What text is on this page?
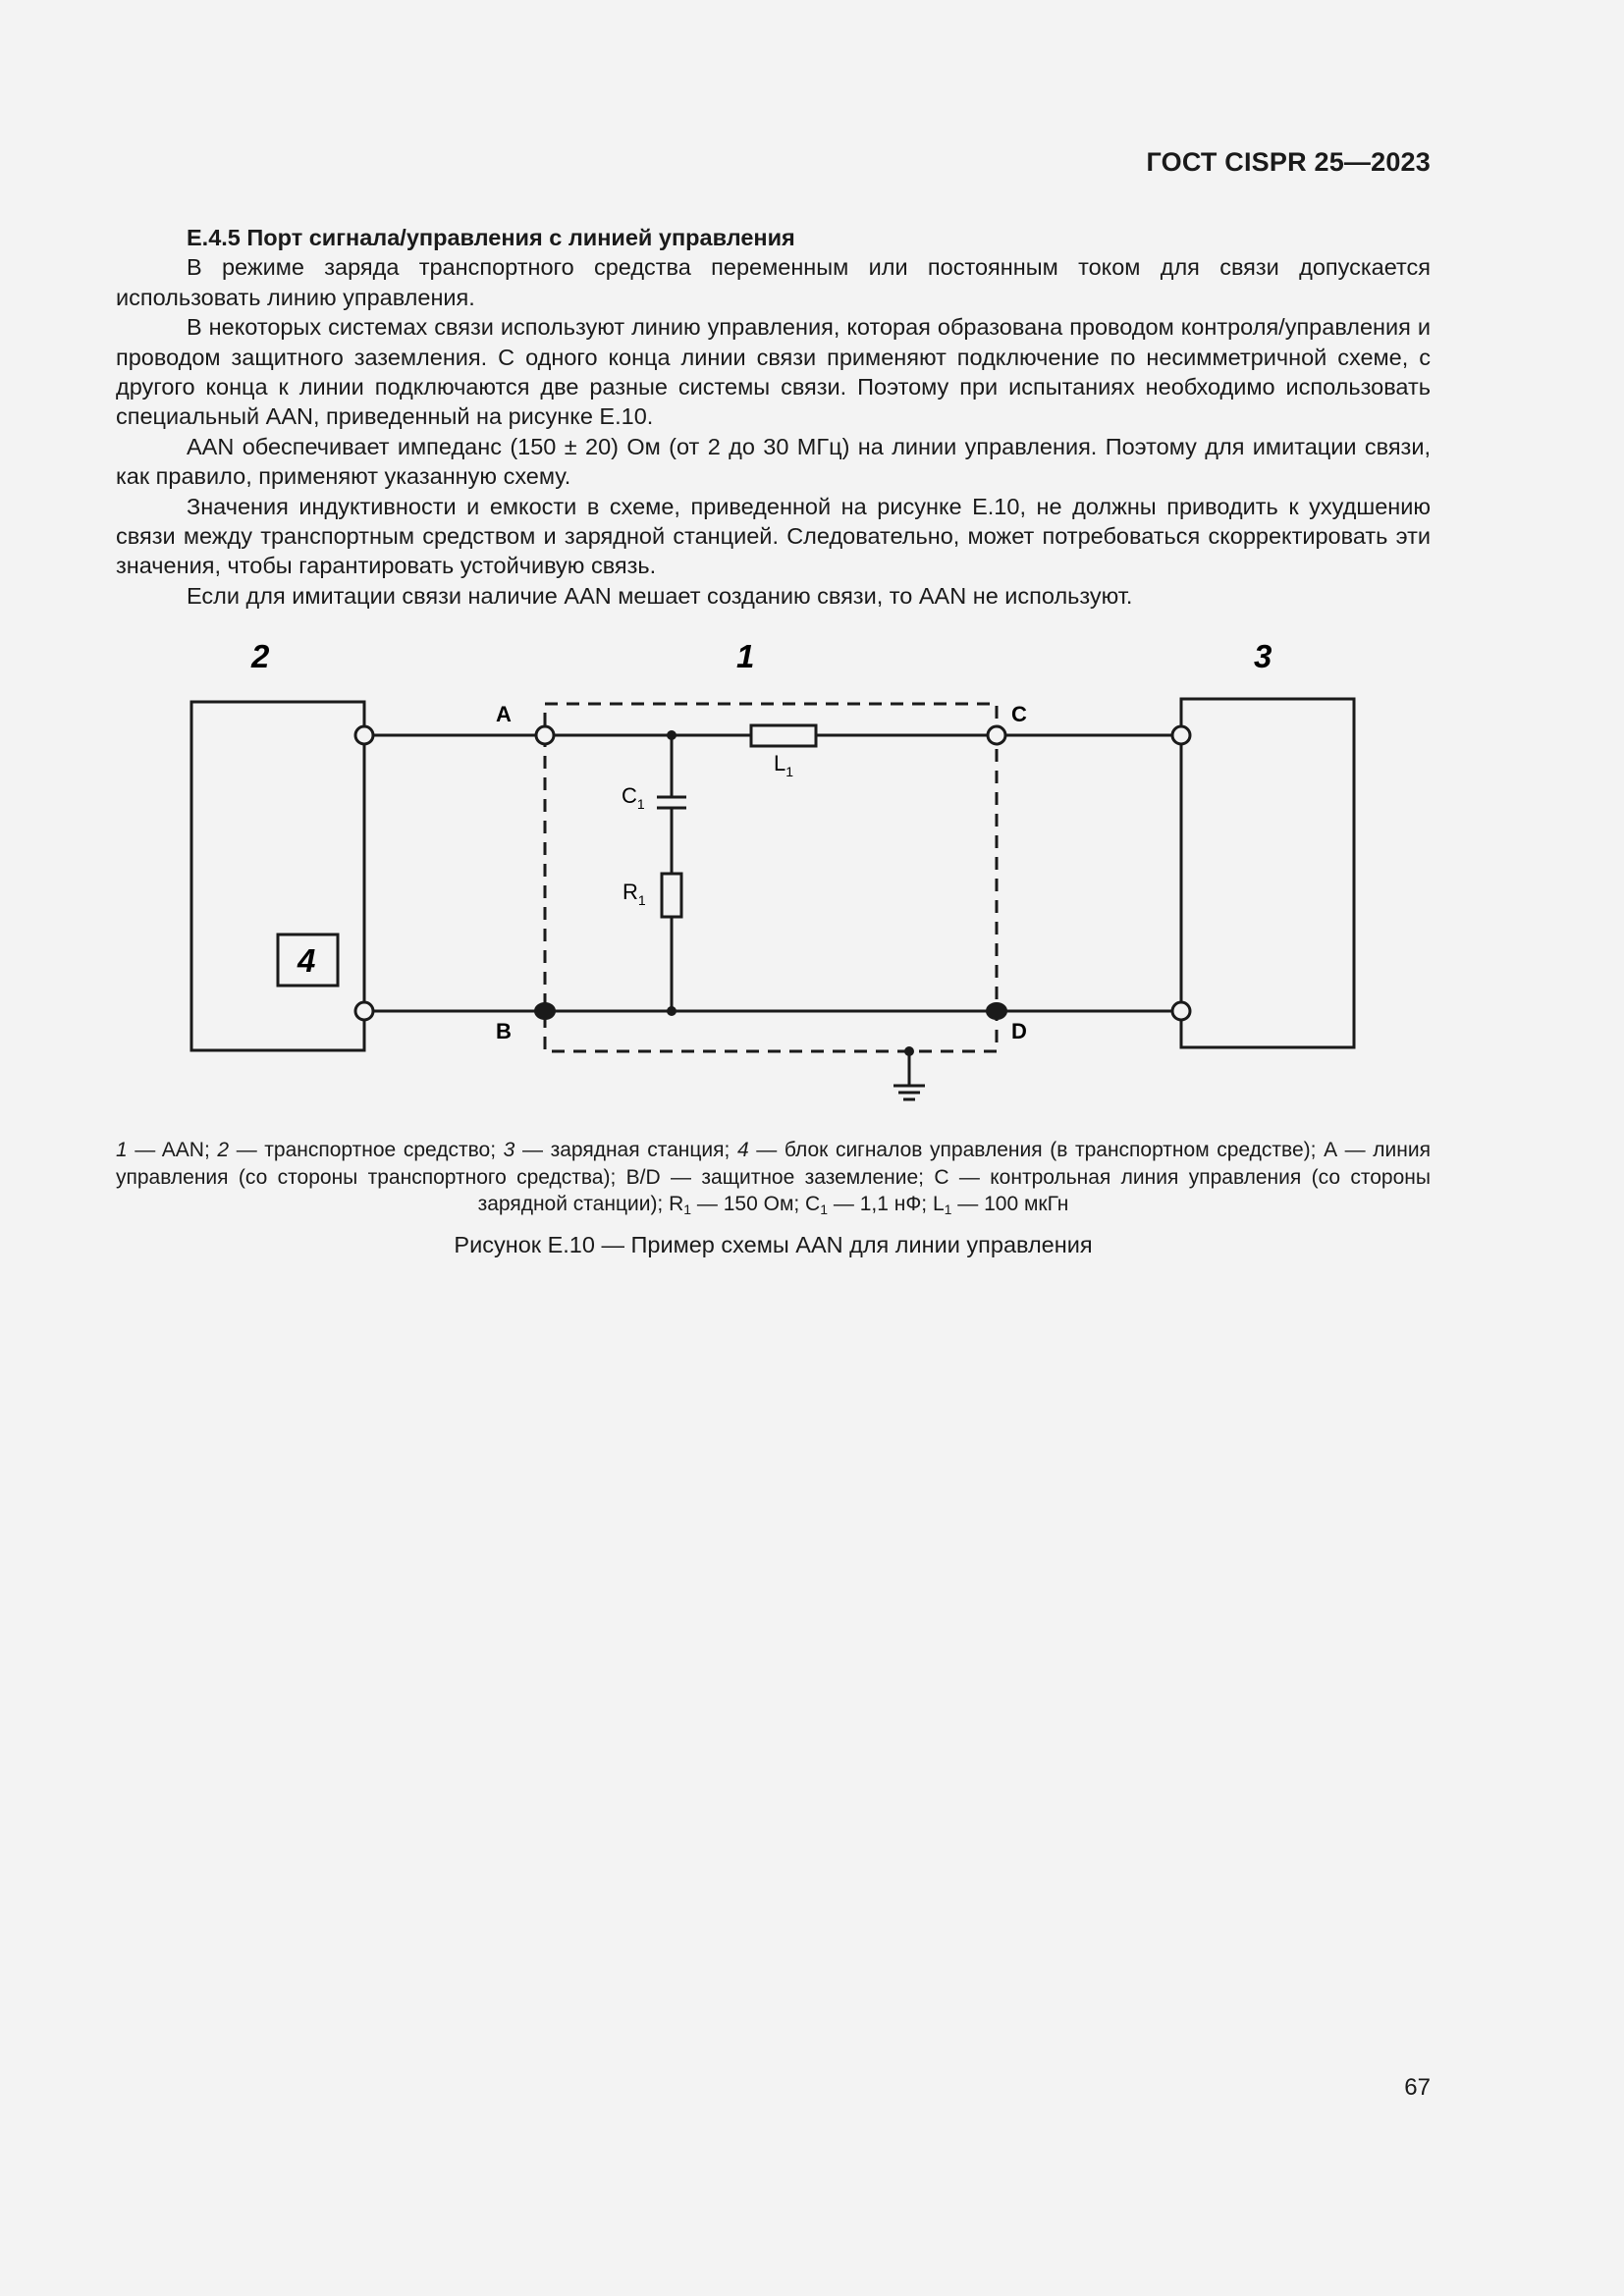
ГОСТ CISPR 25—2023

Е.4.5 Порт сигнала/управления с линией управления

В режиме заряда транспортного средства переменным или постоянным током для связи допускается использовать линию управления.

В некоторых системах связи используют линию управления, которая образована проводом контроля/управления и проводом защитного заземления. С одного конца линии связи применяют подключение по несимметричной схеме, с другого конца к линии подключаются две разные системы связи. Поэтому при испытаниях необходимо использовать специальный AAN, приведенный на рисунке Е.10.

AAN обеспечивает импеданс (150 ± 20) Ом (от 2 до 30 МГц) на линии управления. Поэтому для имитации связи, как правило, применяют указанную схему.

Значения индуктивности и емкости в схеме, приведенной на рисунке Е.10, не должны приводить к ухудшению связи между транспортным средством и зарядной станцией. Следовательно, может потребоваться скорректировать эти значения, чтобы гарантировать устойчивую связь.

Если для имитации связи наличие AAN мешает созданию связи, то AAN не используют.

2	1	3
4
A
B
C
D
L1
C1
R1
1 — AAN; 2 — транспортное средство; 3 — зарядная станция; 4 — блок сигналов управления (в транспортном средстве); А — линия управления (со стороны транспортного средства); B/D — защитное заземление; С — контрольная линия управления (со стороны зарядной станции); $R_1$ — 150 Ом; $C_1$ — 1,1 нФ; $L_1$ — 100 мкГн
Рисунок Е.10 — Пример схемы AAN для линии управления
67
